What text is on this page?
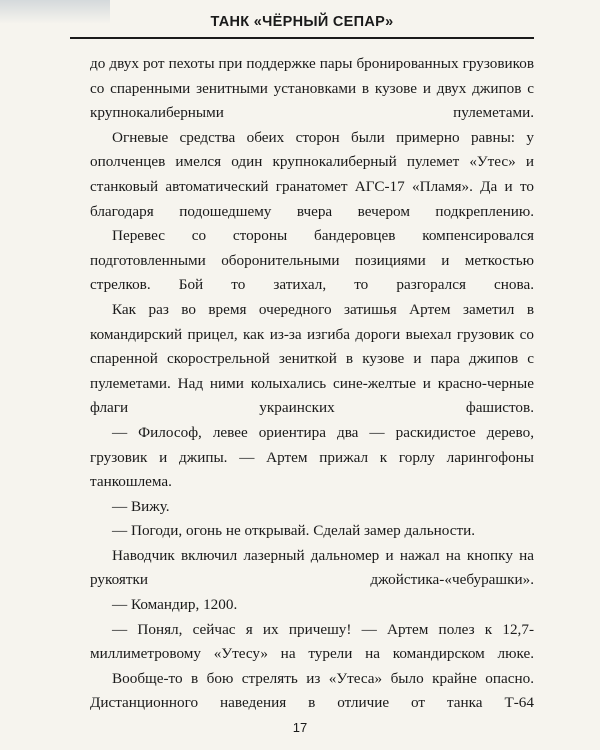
ТАНК «ЧЁРНЫЙ СЕПАР»

до двух рот пехоты при поддержке пары бронированных грузовиков со спаренными зенитными установками в кузове и двух джипов с крупнокалиберными пулеметами.

Огневые средства обеих сторон были примерно равны: у ополченцев имелся один крупнокалиберный пулемет «Утес» и станковый автоматический гранатомет АГС-17 «Пламя». Да и то благодаря подошедшему вчера вечером подкреплению.

Перевес со стороны бандеровцев компенсировался подготовленными оборонительными позициями и меткостью стрелков. Бой то затихал, то разгорался снова.

Как раз во время очередного затишья Артем заметил в командирский прицел, как из-за изгиба дороги выехал грузовик со спаренной скорострельной зениткой в кузове и пара джипов с пулеметами. Над ними колыхались сине-желтые и красно-черные флаги украинских фашистов.

— Философ, левее ориентира два — раскидистое дерево, грузовик и джипы. — Артем прижал к горлу ларингофоны танкошлема.

— Вижу.

— Погоди, огонь не открывай. Сделай замер дальности.

Наводчик включил лазерный дальномер и нажал на кнопку на рукоятки джойстика-«чебурашки».

— Командир, 1200.

— Понял, сейчас я их причешу! — Артем полез к 12,7-миллиметровому «Утесу» на турели на командирском люке.

Вообще-то в бою стрелять из «Утеса» было крайне опасно. Дистанционного наведения в отличие от танка Т-64

17
